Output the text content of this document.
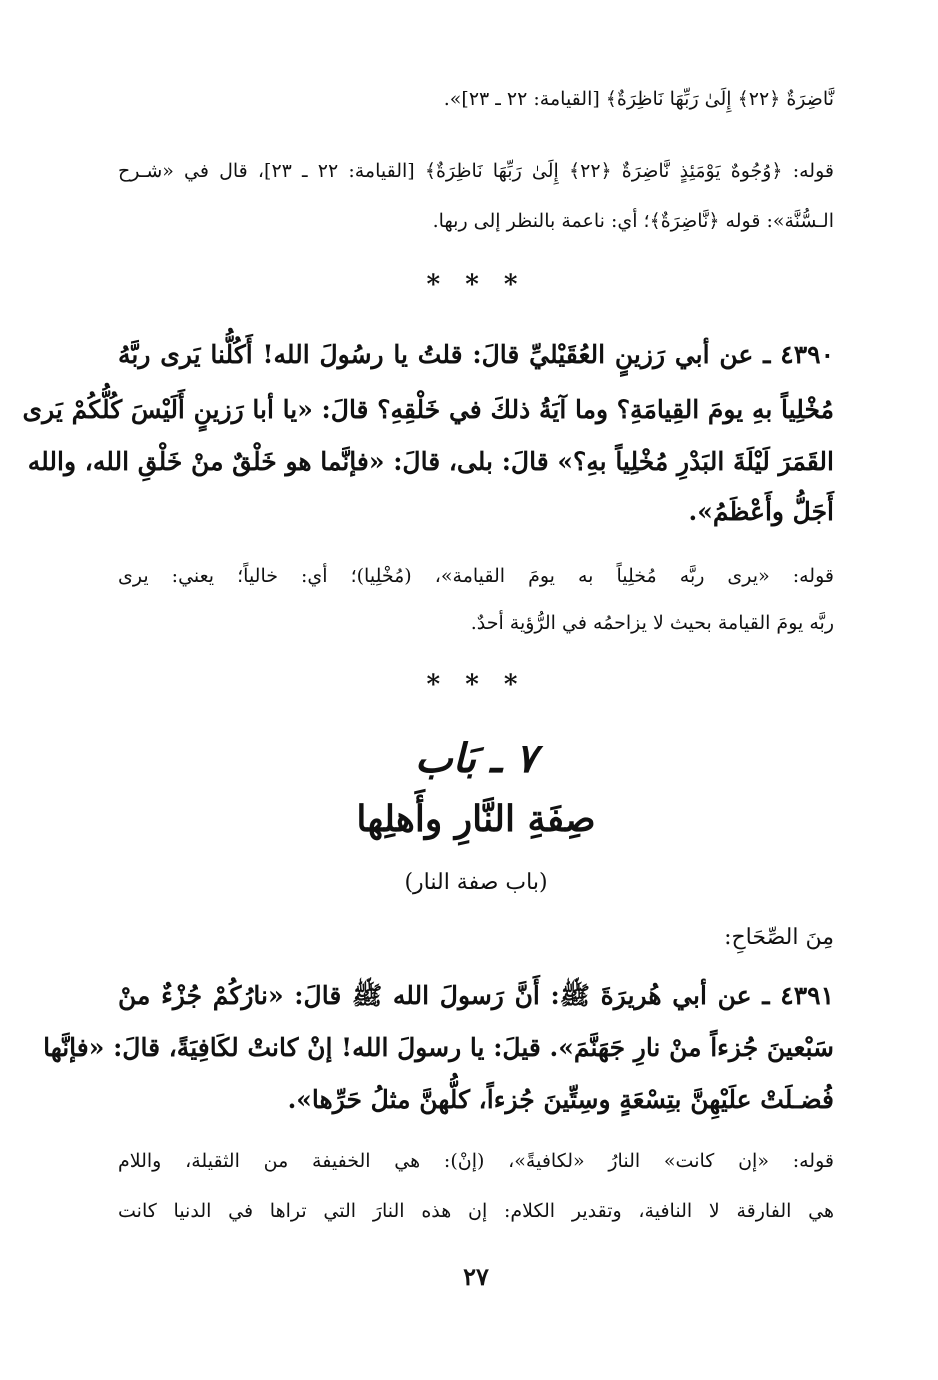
نَّاضِرَةٌ ﴿٢٢﴾ إِلَىٰ رَبِّهَا نَاظِرَةٌ﴾ [القيامة: ٢٢ ـ ٢٣]».
قوله: ﴿وُجُوهٌ يَوْمَئِذٍ نَّاضِرَةٌ ﴿٢٢﴾ إِلَىٰ رَبِّهَا نَاظِرَةٌ﴾ [القيامة: ٢٢ ـ ٢٣]، قال في «شـرح
الـسُّنَّة»: قوله ﴿نَّاضِرَةٌ﴾؛ أي: ناعمة بالنظر إلى ربها.
* * *
٤٣٩٠ ـ عن أبي رَزينٍ العُقَيْليِّ قالَ: قلتُ يا رسُولَ الله! أَكُلُّنا يَرى ربَّهُ
مُخْلِياً بهِ يومَ القِيامَةِ؟ وما آيَةُ ذلكَ في خَلْقِهِ؟ قالَ: «يا أبا رَزينٍ أَلَيْسَ كُلُّكُمْ يَرى
القَمَرَ لَيْلَةَ البَدْرِ مُخْلِياً بهِ؟» قالَ: بلى، قالَ: «فإنَّما هو خَلْقٌ منْ خَلْقِ الله، والله
أَجَلُّ وأَعْظَمُ».
قوله: «يرى ربَّه مُخلِياً به يومَ القيامة»، (مُخْلِيا)؛ أي: خالياً؛ يعني: يرى
ربَّه يومَ القيامة بحيث لا يزاحمُه في الرُّؤية أحدٌ.
* * *
٧ ـ بَاب
صِفَةِ النَّارِ وأَهلِها
(باب صفة النار)
مِنَ الصِّحَاحِ:
٤٣٩١ ـ عن أبي هُريرَةَ ﷺ: أَنَّ رَسولَ الله ﷺ قالَ: «نارُكُمْ جُزْءٌ منْ
سَبْعينَ جُزءاً منْ نارِ جَهَنَّمَ». قيلَ: يا رسولَ الله! إنْ كانتْ لكَافِيَةً، قالَ: «فإنَّها
فُضـلَتْ علَيْهِنَّ بتِسْعَةٍ وسِتِّينَ جُزءاً، كلُّهنَّ مثلُ حَرِّها».
قوله: «إن كانت» النارُ «لكافيةً»، (إنْ): هي الخفيفة من الثقيلة، واللام
هي الفارقة لا النافية، وتقدير الكلام: إن هذه النارَ التي تراها في الدنيا كانت
٢٧
